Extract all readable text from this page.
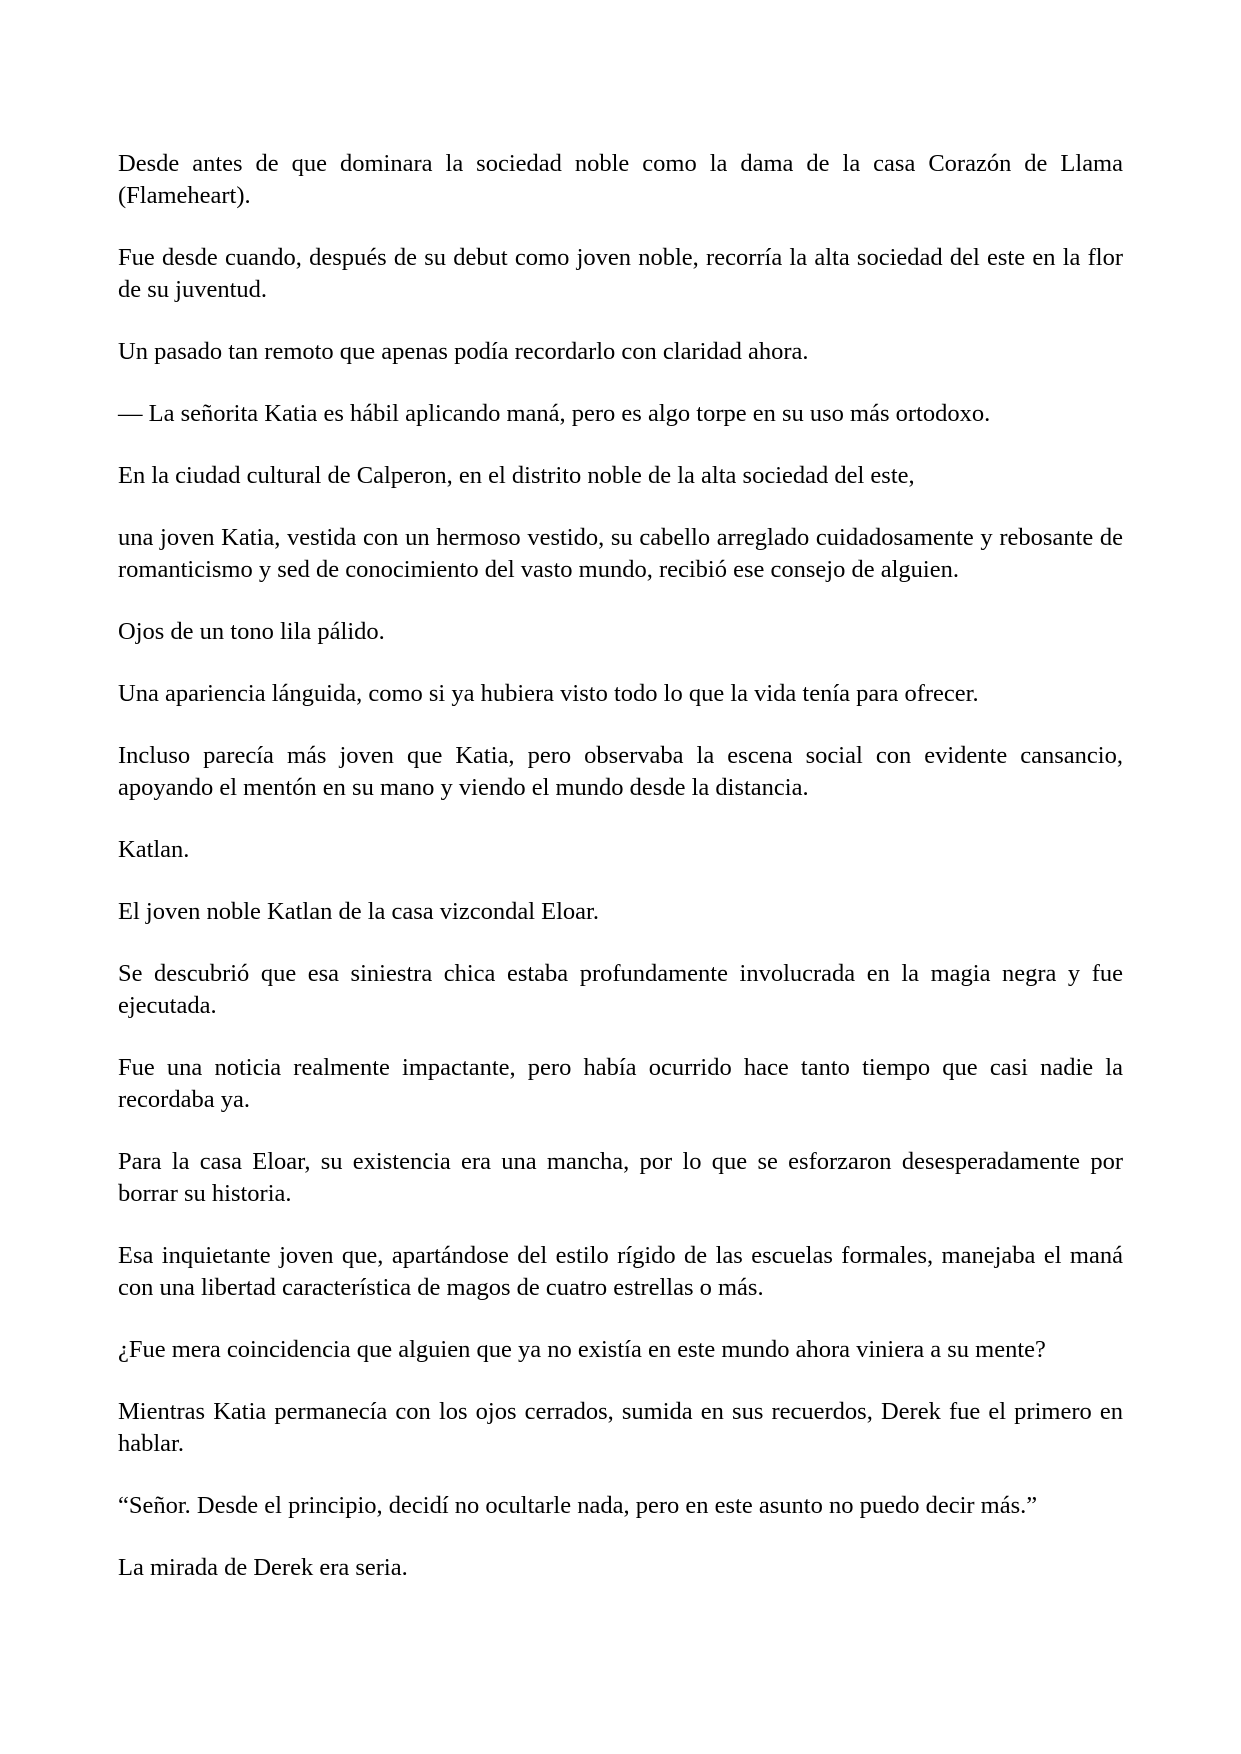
Desde antes de que dominara la sociedad noble como la dama de la casa Corazón de Llama (Flameheart).

Fue desde cuando, después de su debut como joven noble, recorría la alta sociedad del este en la flor de su juventud.

Un pasado tan remoto que apenas podía recordarlo con claridad ahora.

— La señorita Katia es hábil aplicando maná, pero es algo torpe en su uso más ortodoxo.

En la ciudad cultural de Calperon, en el distrito noble de la alta sociedad del este,

una joven Katia, vestida con un hermoso vestido, su cabello arreglado cuidadosamente y rebosante de romanticismo y sed de conocimiento del vasto mundo, recibió ese consejo de alguien.

Ojos de un tono lila pálido.

Una apariencia lánguida, como si ya hubiera visto todo lo que la vida tenía para ofrecer.

Incluso parecía más joven que Katia, pero observaba la escena social con evidente cansancio, apoyando el mentón en su mano y viendo el mundo desde la distancia.

Katlan.

El joven noble Katlan de la casa vizcondal Eloar.

Se descubrió que esa siniestra chica estaba profundamente involucrada en la magia negra y fue ejecutada.

Fue una noticia realmente impactante, pero había ocurrido hace tanto tiempo que casi nadie la recordaba ya.

Para la casa Eloar, su existencia era una mancha, por lo que se esforzaron desesperadamente por borrar su historia.

Esa inquietante joven que, apartándose del estilo rígido de las escuelas formales, manejaba el maná con una libertad característica de magos de cuatro estrellas o más.

¿Fue mera coincidencia que alguien que ya no existía en este mundo ahora viniera a su mente?

Mientras Katia permanecía con los ojos cerrados, sumida en sus recuerdos, Derek fue el primero en hablar.

“Señor. Desde el principio, decidí no ocultarle nada, pero en este asunto no puedo decir más.”

La mirada de Derek era seria.
